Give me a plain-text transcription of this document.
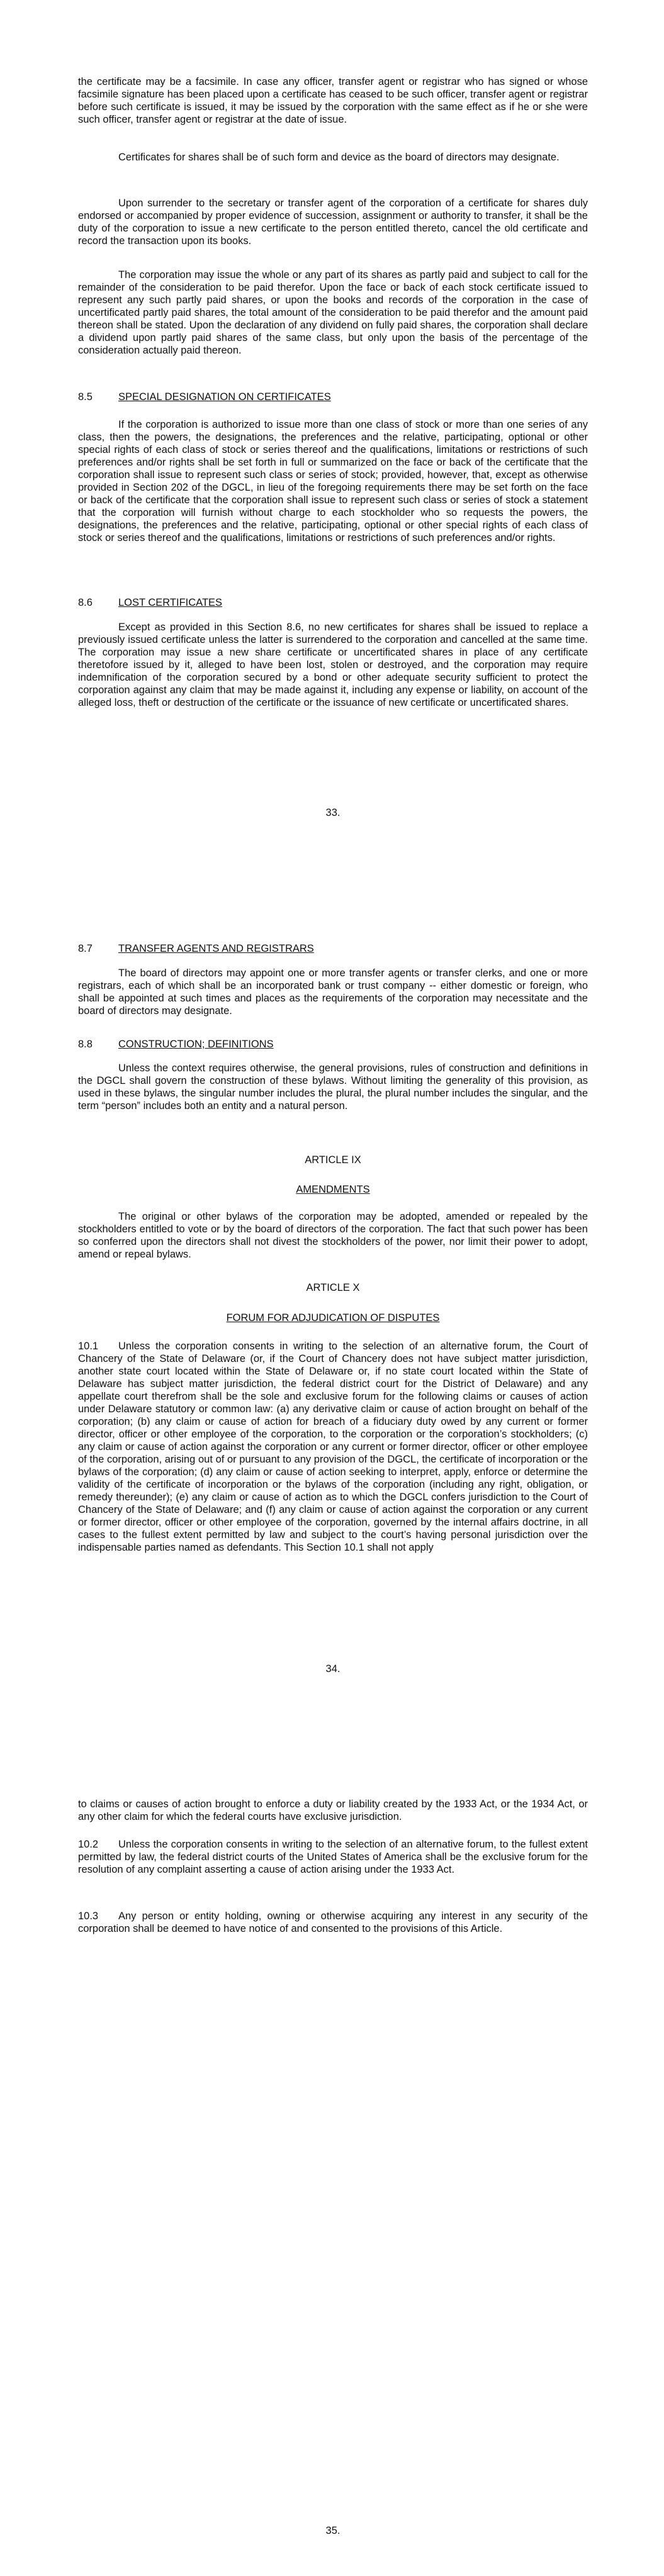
the certificate may be a facsimile. In case any officer, transfer agent or registrar who has signed or whose facsimile signature has been placed upon a certificate has ceased to be such officer, transfer agent or registrar before such certificate is issued, it may be issued by the corporation with the same effect as if he or she were such officer, transfer agent or registrar at the date of issue.

Certificates for shares shall be of such form and device as the board of directors may designate.

Upon surrender to the secretary or transfer agent of the corporation of a certificate for shares duly endorsed or accompanied by proper evidence of succession, assignment or authority to transfer, it shall be the duty of the corporation to issue a new certificate to the person entitled thereto, cancel the old certificate and record the transaction upon its books.

The corporation may issue the whole or any part of its shares as partly paid and subject to call for the remainder of the consideration to be paid therefor. Upon the face or back of each stock certificate issued to represent any such partly paid shares, or upon the books and records of the corporation in the case of uncertificated partly paid shares, the total amount of the consideration to be paid therefor and the amount paid thereon shall be stated. Upon the declaration of any dividend on fully paid shares, the corporation shall declare a dividend upon partly paid shares of the same class, but only upon the basis of the percentage of the consideration actually paid thereon.

8.5 SPECIAL DESIGNATION ON CERTIFICATES

If the corporation is authorized to issue more than one class of stock or more than one series of any class, then the powers, the designations, the preferences and the relative, participating, optional or other special rights of each class of stock or series thereof and the qualifications, limitations or restrictions of such preferences and/or rights shall be set forth in full or summarized on the face or back of the certificate that the corporation shall issue to represent such class or series of stock; provided, however, that, except as otherwise provided in Section 202 of the DGCL, in lieu of the foregoing requirements there may be set forth on the face or back of the certificate that the corporation shall issue to represent such class or series of stock a statement that the corporation will furnish without charge to each stockholder who so requests the powers, the designations, the preferences and the relative, participating, optional or other special rights of each class of stock or series thereof and the qualifications, limitations or restrictions of such preferences and/or rights.

8.6 LOST CERTIFICATES

Except as provided in this Section 8.6, no new certificates for shares shall be issued to replace a previously issued certificate unless the latter is surrendered to the corporation and cancelled at the same time. The corporation may issue a new share certificate or uncertificated shares in place of any certificate theretofore issued by it, alleged to have been lost, stolen or destroyed, and the corporation may require indemnification of the corporation secured by a bond or other adequate security sufficient to protect the corporation against any claim that may be made against it, including any expense or liability, on account of the alleged loss, theft or destruction of the certificate or the issuance of new certificate or uncertificated shares.

33.
8.7 TRANSFER AGENTS AND REGISTRARS

The board of directors may appoint one or more transfer agents or transfer clerks, and one or more registrars, each of which shall be an incorporated bank or trust company -- either domestic or foreign, who shall be appointed at such times and places as the requirements of the corporation may necessitate and the board of directors may designate.

8.8 CONSTRUCTION; DEFINITIONS

Unless the context requires otherwise, the general provisions, rules of construction and definitions in the DGCL shall govern the construction of these bylaws. Without limiting the generality of this provision, as used in these bylaws, the singular number includes the plural, the plural number includes the singular, and the term “person” includes both an entity and a natural person.

ARTICLE IX
AMENDMENTS

The original or other bylaws of the corporation may be adopted, amended or repealed by the stockholders entitled to vote or by the board of directors of the corporation. The fact that such power has been so conferred upon the directors shall not divest the stockholders of the power, nor limit their power to adopt, amend or repeal bylaws.

ARTICLE X
FORUM FOR ADJUDICATION OF DISPUTES

10.1 Unless the corporation consents in writing to the selection of an alternative forum, the Court of Chancery of the State of Delaware (or, if the Court of Chancery does not have subject matter jurisdiction, another state court located within the State of Delaware or, if no state court located within the State of Delaware has subject matter jurisdiction, the federal district court for the District of Delaware) and any appellate court therefrom shall be the sole and exclusive forum for the following claims or causes of action under Delaware statutory or common law: (a) any derivative claim or cause of action brought on behalf of the corporation; (b) any claim or cause of action for breach of a fiduciary duty owed by any current or former director, officer or other employee of the corporation, to the corporation or the corporation’s stockholders; (c) any claim or cause of action against the corporation or any current or former director, officer or other employee of the corporation, arising out of or pursuant to any provision of the DGCL, the certificate of incorporation or the bylaws of the corporation; (d) any claim or cause of action seeking to interpret, apply, enforce or determine the validity of the certificate of incorporation or the bylaws of the corporation (including any right, obligation, or remedy thereunder); (e) any claim or cause of action as to which the DGCL confers jurisdiction to the Court of Chancery of the State of Delaware; and (f) any claim or cause of action against the corporation or any current or former director, officer or other employee of the corporation, governed by the internal affairs doctrine, in all cases to the fullest extent permitted by law and subject to the court’s having personal jurisdiction over the indispensable parties named as defendants. This Section 10.1 shall not apply

34.

to claims or causes of action brought to enforce a duty or liability created by the 1933 Act, or the 1934 Act, or any other claim for which the federal courts have exclusive jurisdiction.

10.2 Unless the corporation consents in writing to the selection of an alternative forum, to the fullest extent permitted by law, the federal district courts of the United States of America shall be the exclusive forum for the resolution of any complaint asserting a cause of action arising under the 1933 Act.

10.3 Any person or entity holding, owning or otherwise acquiring any interest in any security of the corporation shall be deemed to have notice of and consented to the provisions of this Article.

35.
